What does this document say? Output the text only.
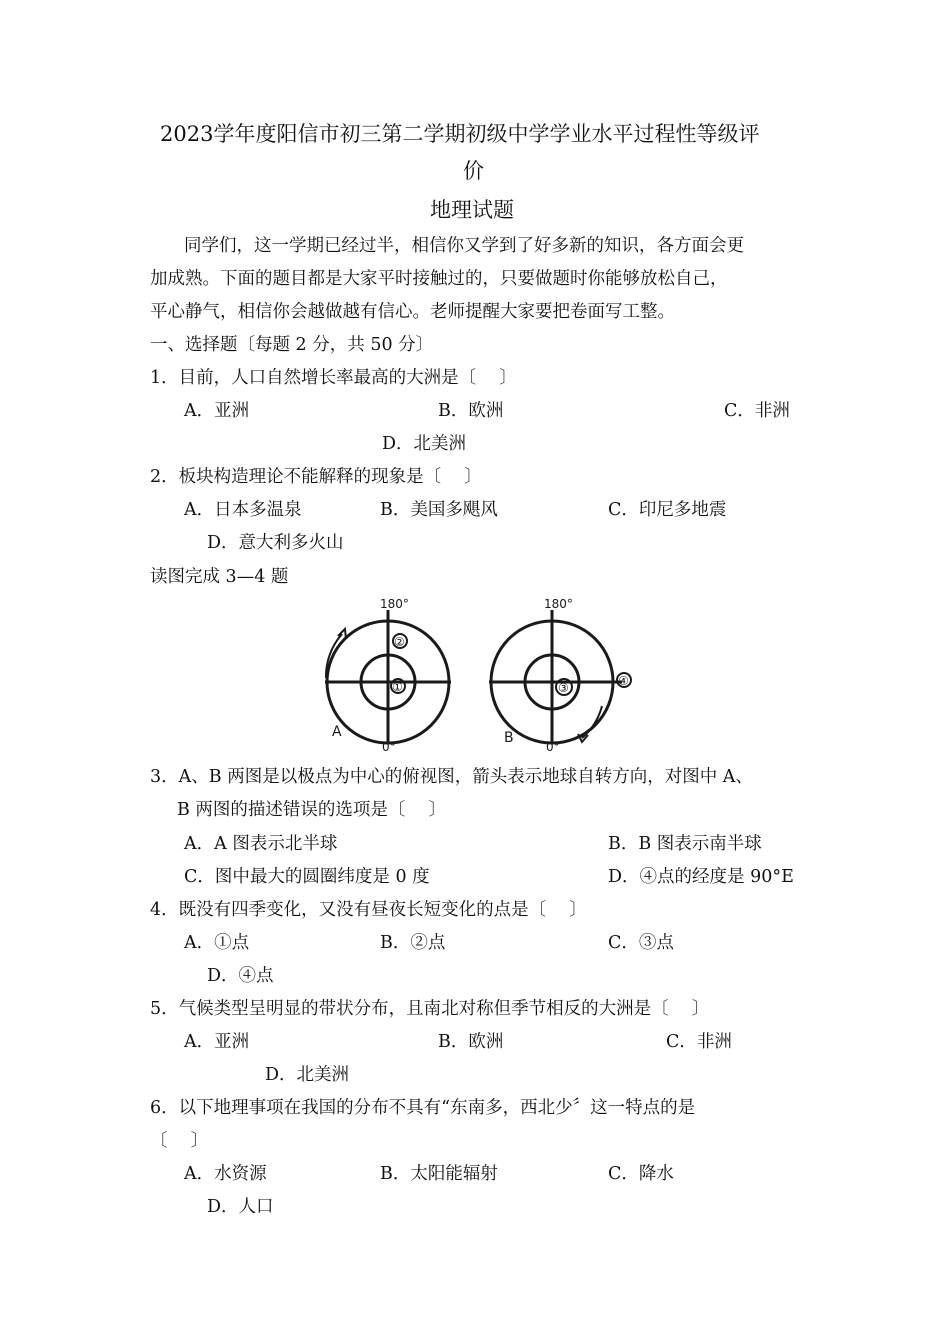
2023学年度阳信市初三第二学期初级中学学业水平过程性等级评
价
地理试题
同学们，这一学期已经过半，相信你又学到了好多新的知识，各方面会更
加成熟。下面的题目都是大家平时接触过的，只要做题时你能够放松自己，
平心静气，相信你会越做越有信心。老师提醒大家要把卷面写工整。
一、选择题〔每题 2 分，共 50 分〕
1．目前，人口自然增长率最高的大洲是〔　 〕
A．亚洲	B．欧洲	C．非洲
D．北美洲
2．板块构造理论不能解释的现象是〔　 〕
A．日本多温泉	B．美国多飓风	C．印尼多地震
D．意大利多火山
读图完成 3—4 题
180°
0°
A
②
①
180°
0°
B
③	④
3．A、B 两图是以极点为中心的俯视图，箭头表示地球自转方向，对图中 A、
B 两图的描述错误的选项是〔　 〕
A．A 图表示北半球	B．B 图表示南半球
C．图中最大的圆圈纬度是 0 度	D．④点的经度是 90°E
4．既没有四季变化，又没有昼夜长短变化的点是〔　 〕
A．①点	B．②点	C．③点
D．④点
5．气候类型呈明显的带状分布，且南北对称但季节相反的大洲是〔　 〕
A．亚洲	B．欧洲	C．非洲
D．北美洲
6．以下地理事项在我国的分布不具有“东南多，西北少〞这一特点的是
〔　 〕
A．水资源	B．太阳能辐射	C．降水
D．人口
